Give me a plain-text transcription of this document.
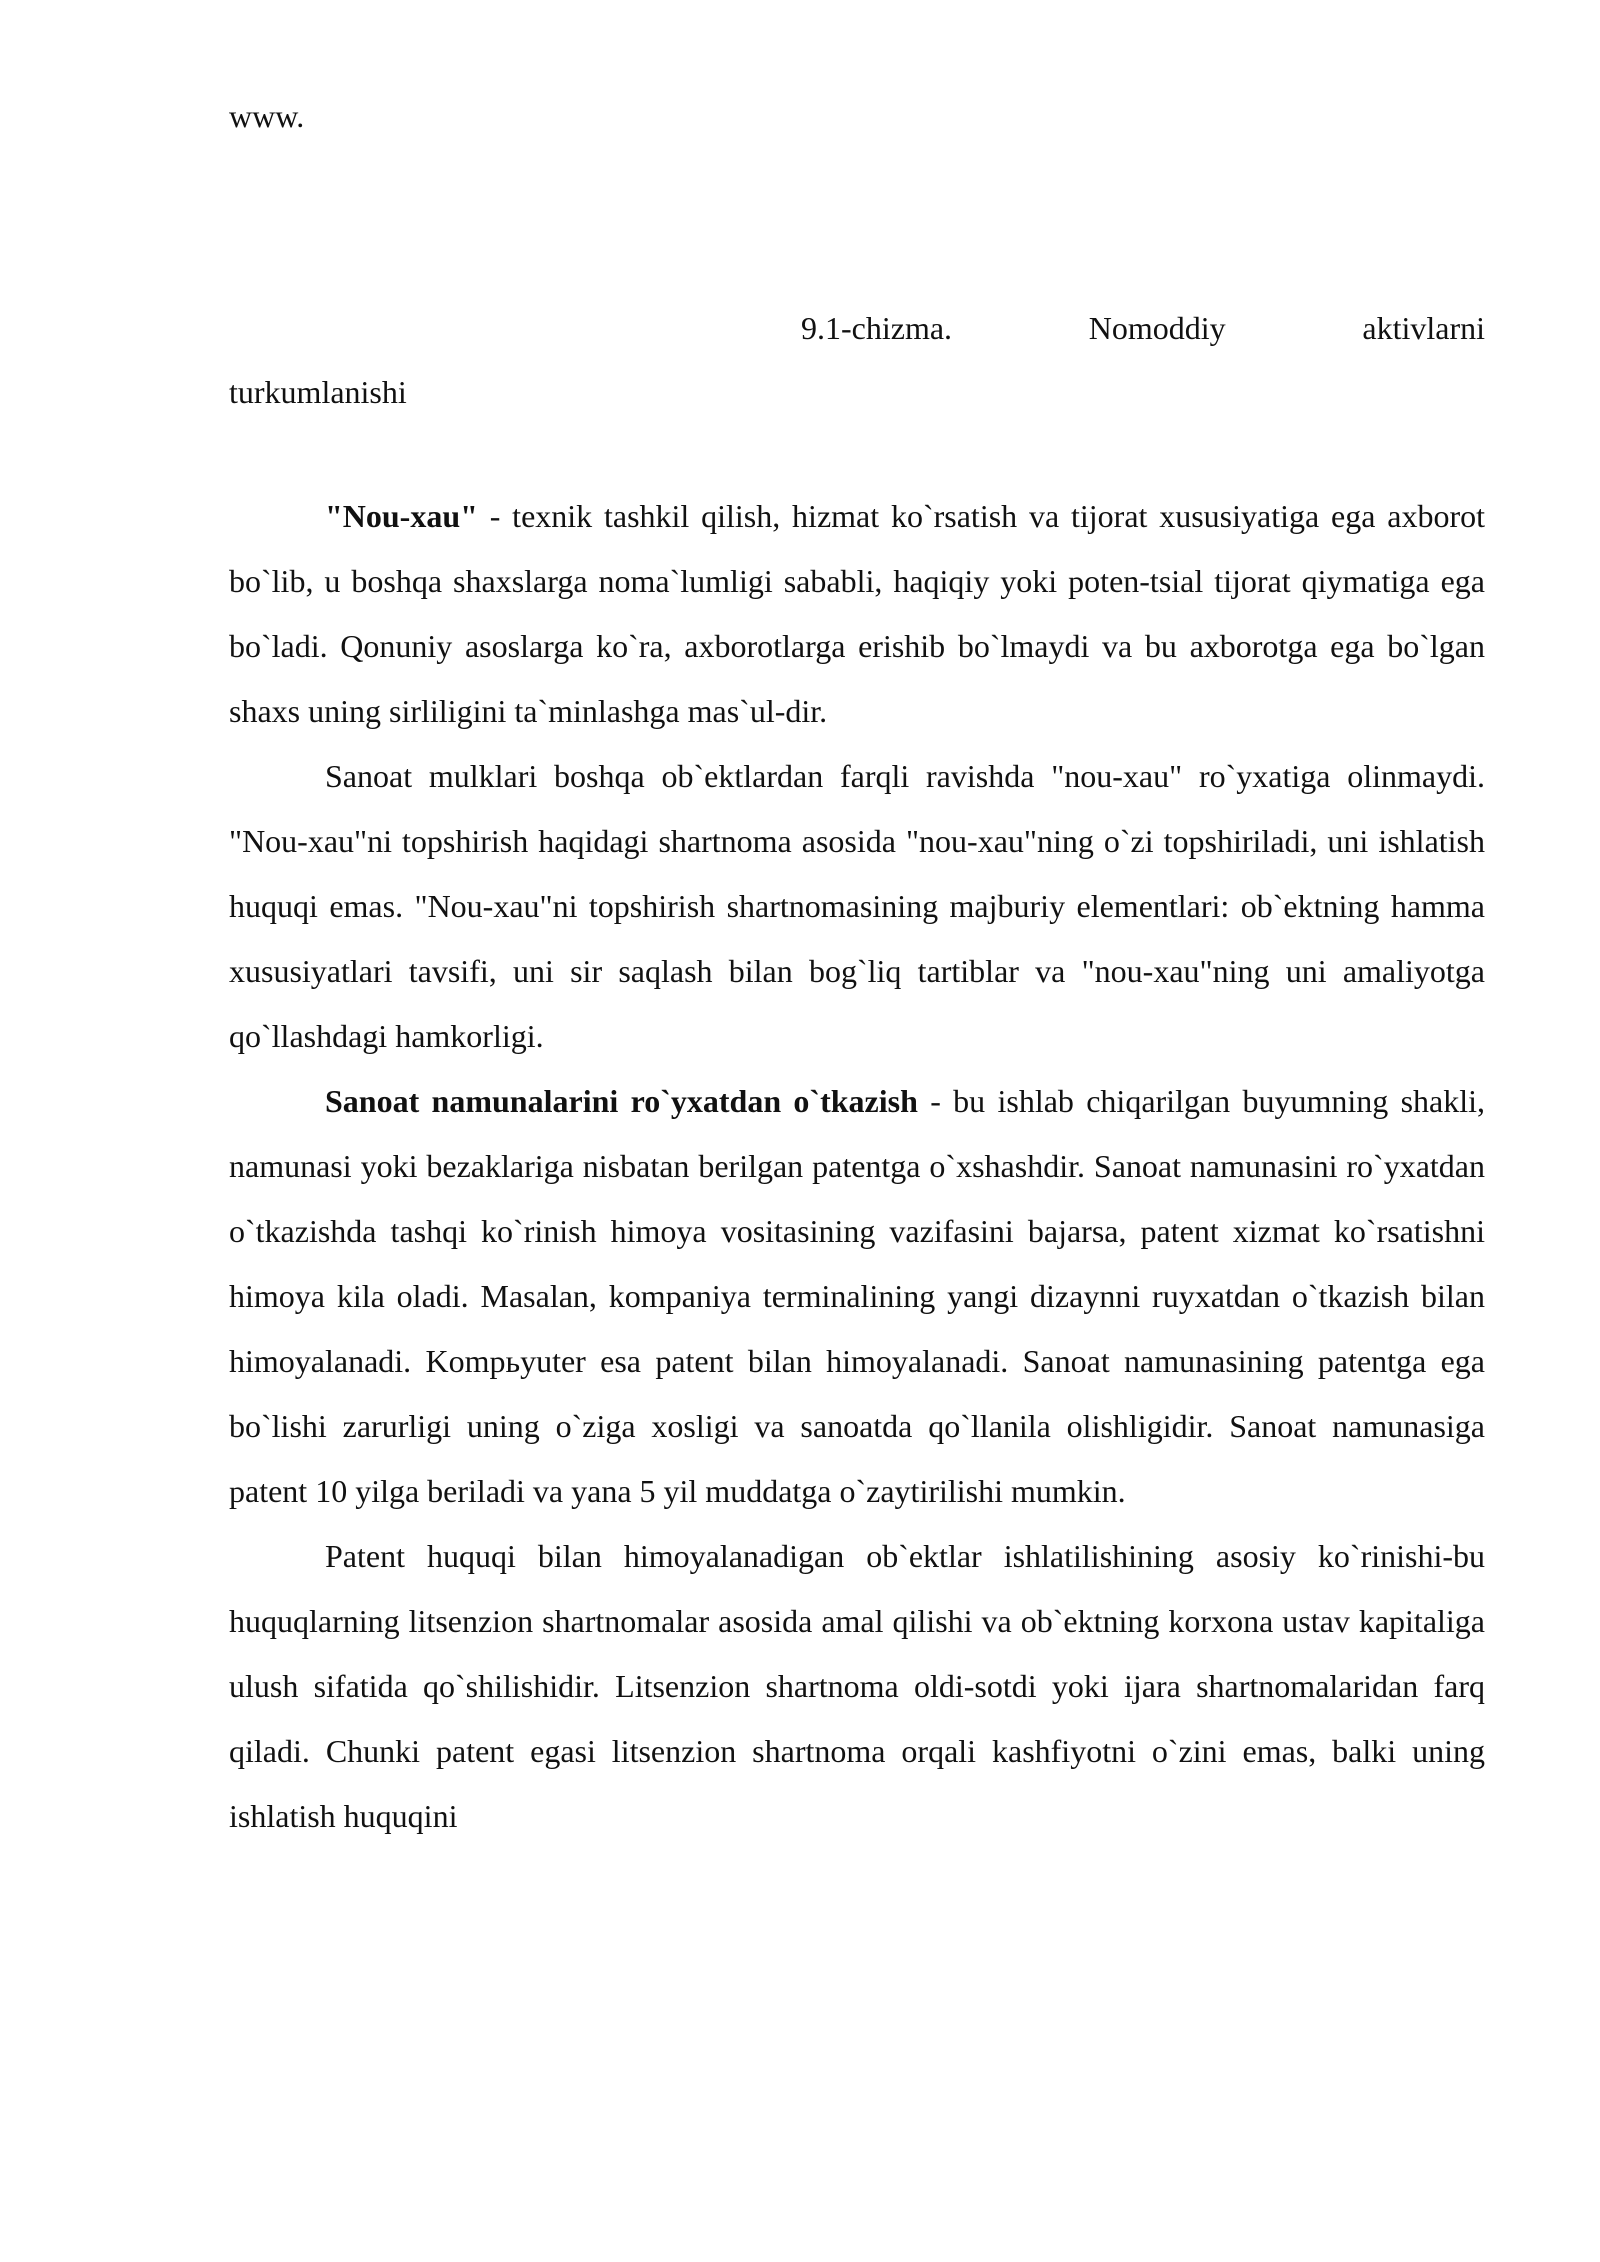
www.
9.1-chizma.	Nomoddiy	aktivlarni
turkumlanishi

"Nou-xau" - texnik tashkil qilish, hizmat ko`rsatish va tijorat xususiyatiga ega axborot bo`lib, u boshqa shaxslarga noma`lumligi sababli, haqiqiy yoki poten-tsial tijorat qiymatiga ega bo`ladi. Qonuniy asoslarga ko`ra, axborotlarga erishib bo`lmaydi va bu axborotga ega bo`lgan shaxs uning sirliligini ta`minlashga mas`ul-dir.

Sanoat mulklari boshqa ob`ektlardan farqli ravishda "nou-xau" ro`yxatiga olinmaydi. "Nou-xau"ni topshirish haqidagi shartnoma asosida "nou-xau"ning o`zi topshiriladi, uni ishlatish huquqi emas. "Nou-xau"ni topshirish shartnomasining majburiy elementlari: ob`ektning hamma xususiyatlari tavsifi, uni sir saqlash bilan bog`liq tartiblar va "nou-xau"ning uni amaliyotga qo`llashdagi hamkorligi.

Sanoat namunalarini ro`yxatdan o`tkazish - bu ishlab chiqarilgan buyumning shakli, namunasi yoki bezaklariga nisbatan berilgan patentga o`xshashdir. Sanoat namunasini ro`yxatdan o`tkazishda tashqi ko`rinish himoya vositasining vazifasini bajarsa, patent xizmat ko`rsatishni himoya kila oladi. Masalan, kompaniya terminalining yangi dizaynni ruyxatdan o`tkazish bilan himoyalanadi. Kompьyuter esa patent bilan himoyalanadi. Sanoat namunasining patentga ega bo`lishi zarurligi uning o`ziga xosligi va sanoatda qo`llanila olishligidir. Sanoat namunasiga patent 10 yilga beriladi va yana 5 yil muddatga o`zaytirilishi mumkin.

Patent huquqi bilan himoyalanadigan ob`ektlar ishlatilishining asosiy ko`rinishi-bu huquqlarning litsenzion shartnomalar asosida amal qilishi va ob`ektning korxona ustav kapitaliga ulush sifatida qo`shilishidir. Litsenzion shartnoma oldi-sotdi yoki ijara shartnomalaridan farq qiladi. Chunki patent egasi litsenzion shartnoma orqali kashfiyotni o`zini emas, balki uning ishlatish huquqini
